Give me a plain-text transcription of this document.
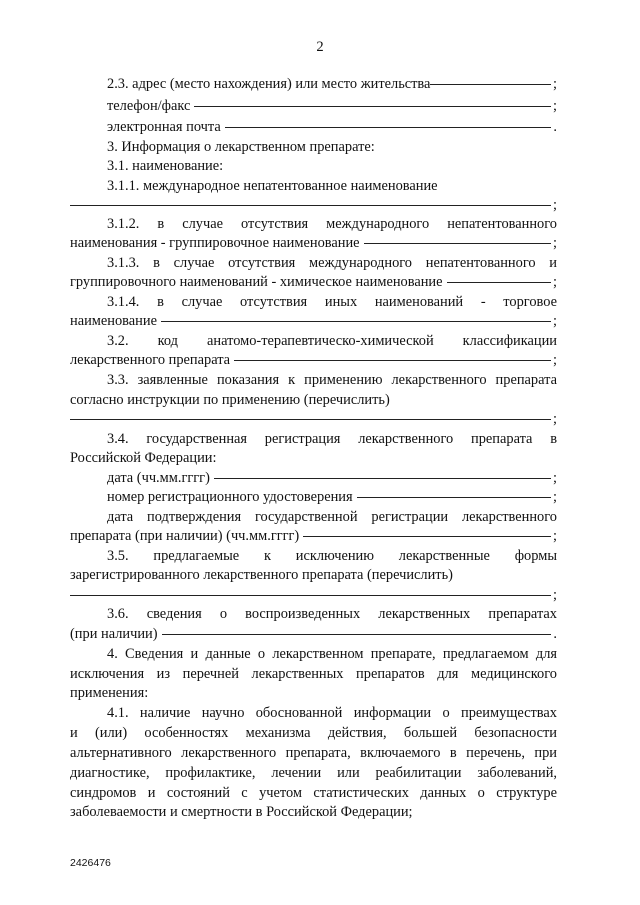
2
2.3. адрес (место нахождения) или место жительства	;
телефон/факс	;
электронная почта	.
3. Информация о лекарственном препарате:
3.1. наименование:
3.1.1. международное непатентованное наименование
;
3.1.2. в случае отсутствия международного непатентованного
наименования - группировочное наименование	;
3.1.3. в случае отсутствия международного непатентованного и
группировочного наименований - химическое наименование	;
3.1.4. в случае отсутствия иных наименований - торговое
наименование	;
3.2. код анатомо-терапевтическо-химической классификации
лекарственного препарата	;
3.3. заявленные показания к применению лекарственного препарата
согласно инструкции по применению (перечислить)
;
3.4. государственная регистрация лекарственного препарата в
Российской Федерации:
дата (чч.мм.гггг)	;
номер регистрационного удостоверения	;
дата подтверждения государственной регистрации лекарственного
препарата (при наличии) (чч.мм.гггг)	;
3.5. предлагаемые к исключению лекарственные формы
зарегистрированного лекарственного препарата (перечислить)
;
3.6. сведения о воспроизведенных лекарственных препаратах
(при наличии)	.
4. Сведения и данные о лекарственном препарате, предлагаемом для
исключения из перечней лекарственных препаратов для медицинского
применения:
4.1. наличие научно обоснованной информации о преимуществах
и (или) особенностях механизма действия, большей безопасности
альтернативного лекарственного препарата, включаемого в перечень, при
диагностике, профилактике, лечении или реабилитации заболеваний,
синдромов и состояний с учетом статистических данных о структуре
заболеваемости и смертности в Российской Федерации;
2426476
